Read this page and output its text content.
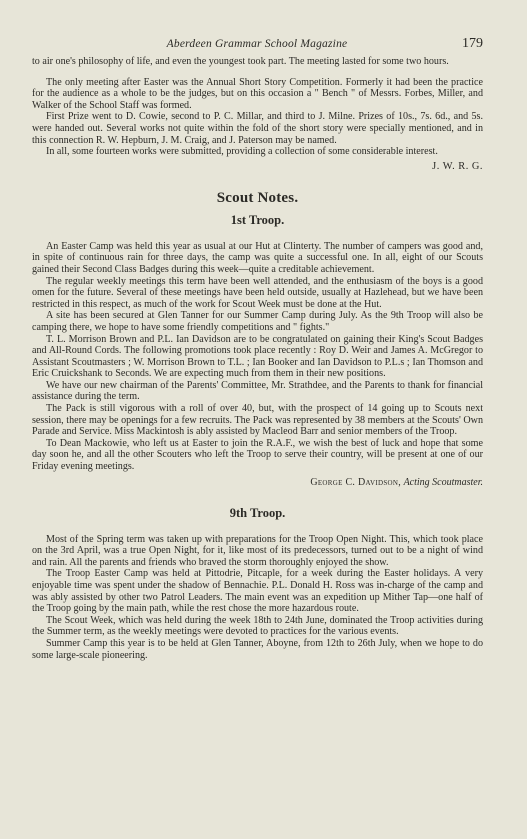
Aberdeen Grammar School Magazine	179

to air one's philosophy of life, and even the youngest took part. The meeting lasted for some two hours.

The only meeting after Easter was the Annual Short Story Competition. Formerly it had been the practice for the audience as a whole to be the judges, but on this occasion a " Bench " of Messrs. Forbes, Miller, and Walker of the School Staff was formed.

First Prize went to D. Cowie, second to P. C. Millar, and third to J. Milne. Prizes of 10s., 7s. 6d., and 5s. were handed out. Several works not quite within the fold of the short story were specially mentioned, and in this connection R. W. Hepburn, J. M. Craig, and J. Paterson may be named.

In all, some fourteen works were submitted, providing a collection of some considerable interest.

J. W. R. G.
Scout Notes.
1st Troop.

An Easter Camp was held this year as usual at our Hut at Clinterty. The number of campers was good and, in spite of continuous rain for three days, the camp was quite a successful one. In all, eight of our Scouts gained their Second Class Badges during this week—quite a creditable achievement.

The regular weekly meetings this term have been well attended, and the enthusiasm of the boys is a good omen for the future. Several of these meetings have been held outside, usually at Hazlehead, but we have been restricted in this respect, as much of the work for Scout Week must be done at the Hut.

A site has been secured at Glen Tanner for our Summer Camp during July. As the 9th Troop will also be camping there, we hope to have some friendly competitions and " fights."

T. L. Morrison Brown and P.L. Ian Davidson are to be congratulated on gaining their King's Scout Badges and All-Round Cords. The following promotions took place recently : Roy D. Weir and James A. McGregor to Assistant Scoutmasters ; W. Morrison Brown to T.L. ; Ian Booker and Ian Davidson to P.L.s ; Ian Thomson and Eric Cruickshank to Seconds. We are expecting much from them in their new positions.

We have our new chairman of the Parents' Committee, Mr. Strathdee, and the Parents to thank for financial assistance during the term.

The Pack is still vigorous with a roll of over 40, but, with the prospect of 14 going up to Scouts next session, there may be openings for a few recruits. The Pack was represented by 38 members at the Scouts' Own Parade and Service. Miss Mackintosh is ably assisted by Macleod Barr and senior members of the Troop.

To Dean Mackowie, who left us at Easter to join the R.A.F., we wish the best of luck and hope that some day soon he, and all the other Scouters who left the Troop to serve their country, will be present at one of our Friday evening meetings.

George C. Davidson, Acting Scoutmaster.
9th Troop.

Most of the Spring term was taken up with preparations for the Troop Open Night. This, which took place on the 3rd April, was a true Open Night, for it, like most of its predecessors, turned out to be a night of wind and rain. All the parents and friends who braved the storm thoroughly enjoyed the show.

The Troop Easter Camp was held at Pittodrie, Pitcaple, for a week during the Easter holidays. A very enjoyable time was spent under the shadow of Bennachie. P.L. Donald H. Ross was in-charge of the camp and was ably assisted by other two Patrol Leaders. The main event was an expedition up Mither Tap—one half of the Troop going by the main path, while the rest chose the more hazardous route.

The Scout Week, which was held during the week 18th to 24th June, dominated the Troop activities during the Summer term, as the weekly meetings were devoted to practices for the various events.

Summer Camp this year is to be held at Glen Tanner, Aboyne, from 12th to 26th July, when we hope to do some large-scale pioneering.
